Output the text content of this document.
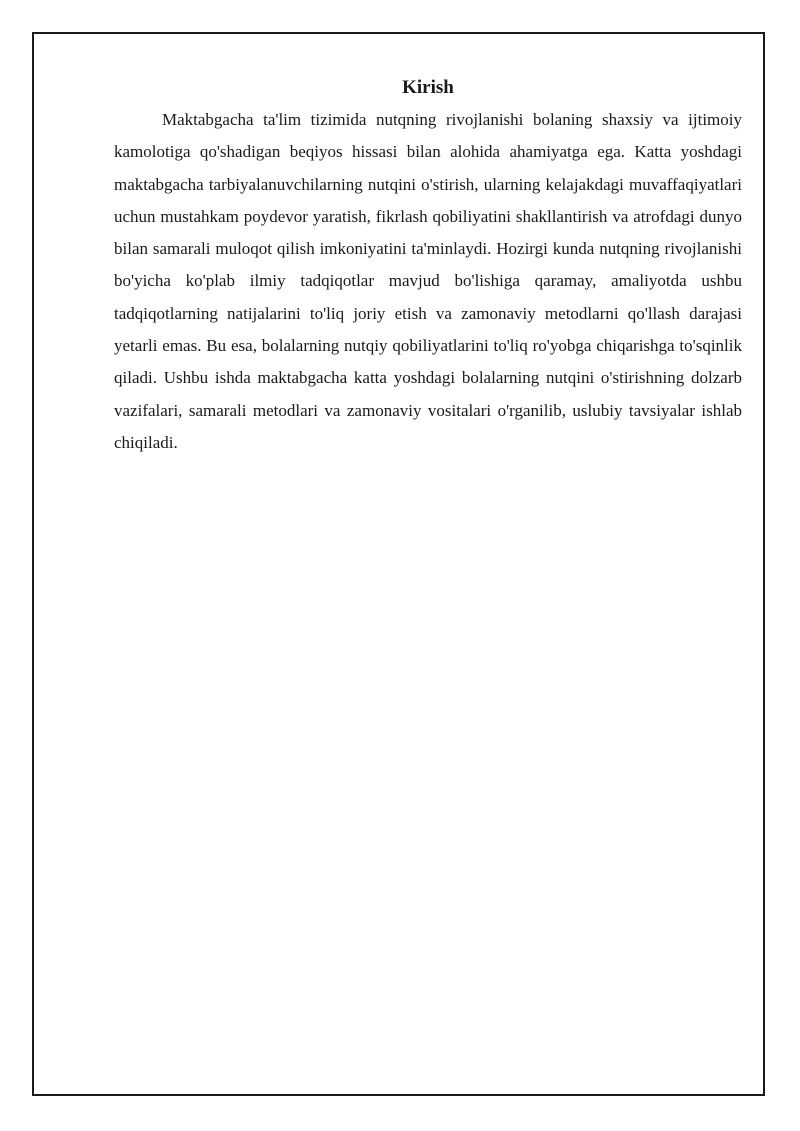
Kirish

Maktabgacha ta'lim tizimida nutqning rivojlanishi bolaning shaxsiy va ijtimoiy kamolotiga qo'shadigan beqiyos hissasi bilan alohida ahamiyatga ega. Katta yoshdagi maktabgacha tarbiyalanuvchilarning nutqini o'stirish, ularning kelajakdagi muvaffaqiyatlari uchun mustahkam poydevor yaratish, fikrlash qobiliyatini shakllantirish va atrofdagi dunyo bilan samarali muloqot qilish imkoniyatini ta'minlaydi. Hozirgi kunda nutqning rivojlanishi bo'yicha ko'plab ilmiy tadqiqotlar mavjud bo'lishiga qaramay, amaliyotda ushbu tadqiqotlarning natijalarini to'liq joriy etish va zamonaviy metodlarni qo'llash darajasi yetarli emas. Bu esa, bolalarning nutqiy qobiliyatlarini to'liq ro'yobga chiqarishga to'sqinlik qiladi. Ushbu ishda maktabgacha katta yoshdagi bolalarning nutqini o'stirishning dolzarb vazifalari, samarali metodlari va zamonaviy vositalari o'rganilib, uslubiy tavsiyalar ishlab chiqiladi.
